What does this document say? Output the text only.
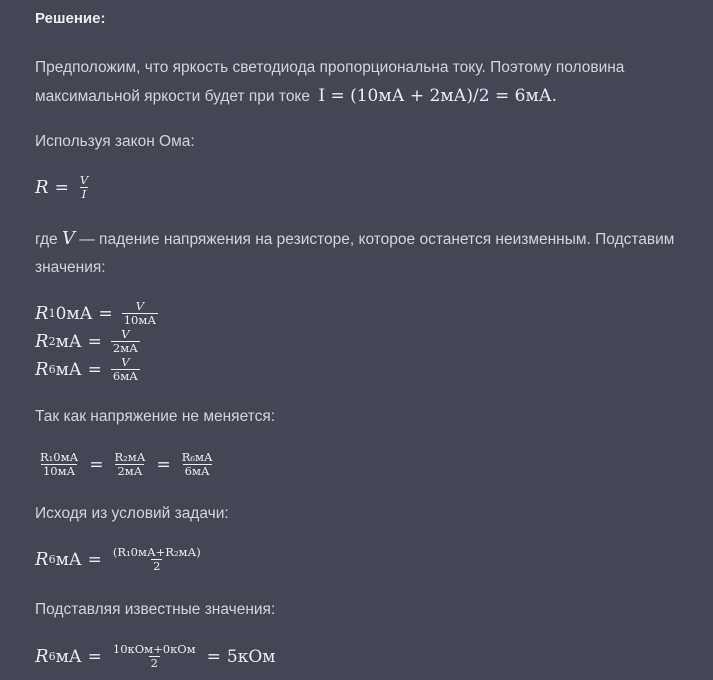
Решение:
Предположим, что яркость светодиода пропорциональна току. Поэтому половина
максимальной яркости будет при токе I = (10мА + 2мА)/2 = 6мА.
Используя закон Ома:
$R = \frac{V}{I}$
где V — падение напряжения на резисторе, которое останется неизменным. Подставим
значения:
R 1 $0мА = \frac{V}{10мА}$
R 2 мА = $\frac{V}{2мА}$
R 6 мА = $\frac{V}{6мА}$
Так как напряжение не меняется:
$\frac{\text{R₁0мА}}{10мА} = \frac{\text{R₂мА}}{2мА} = \frac{\text{R₆мА}}{6мА}$
Исходя из условий задачи:
R 6 мА = $\frac{\text{(R₁0мА+R₂мА)}}{2}$
Подставляя известные значения:
R 6 мА = $\frac{\text{10кОм+0кОм}}{2} = 5кОм$
